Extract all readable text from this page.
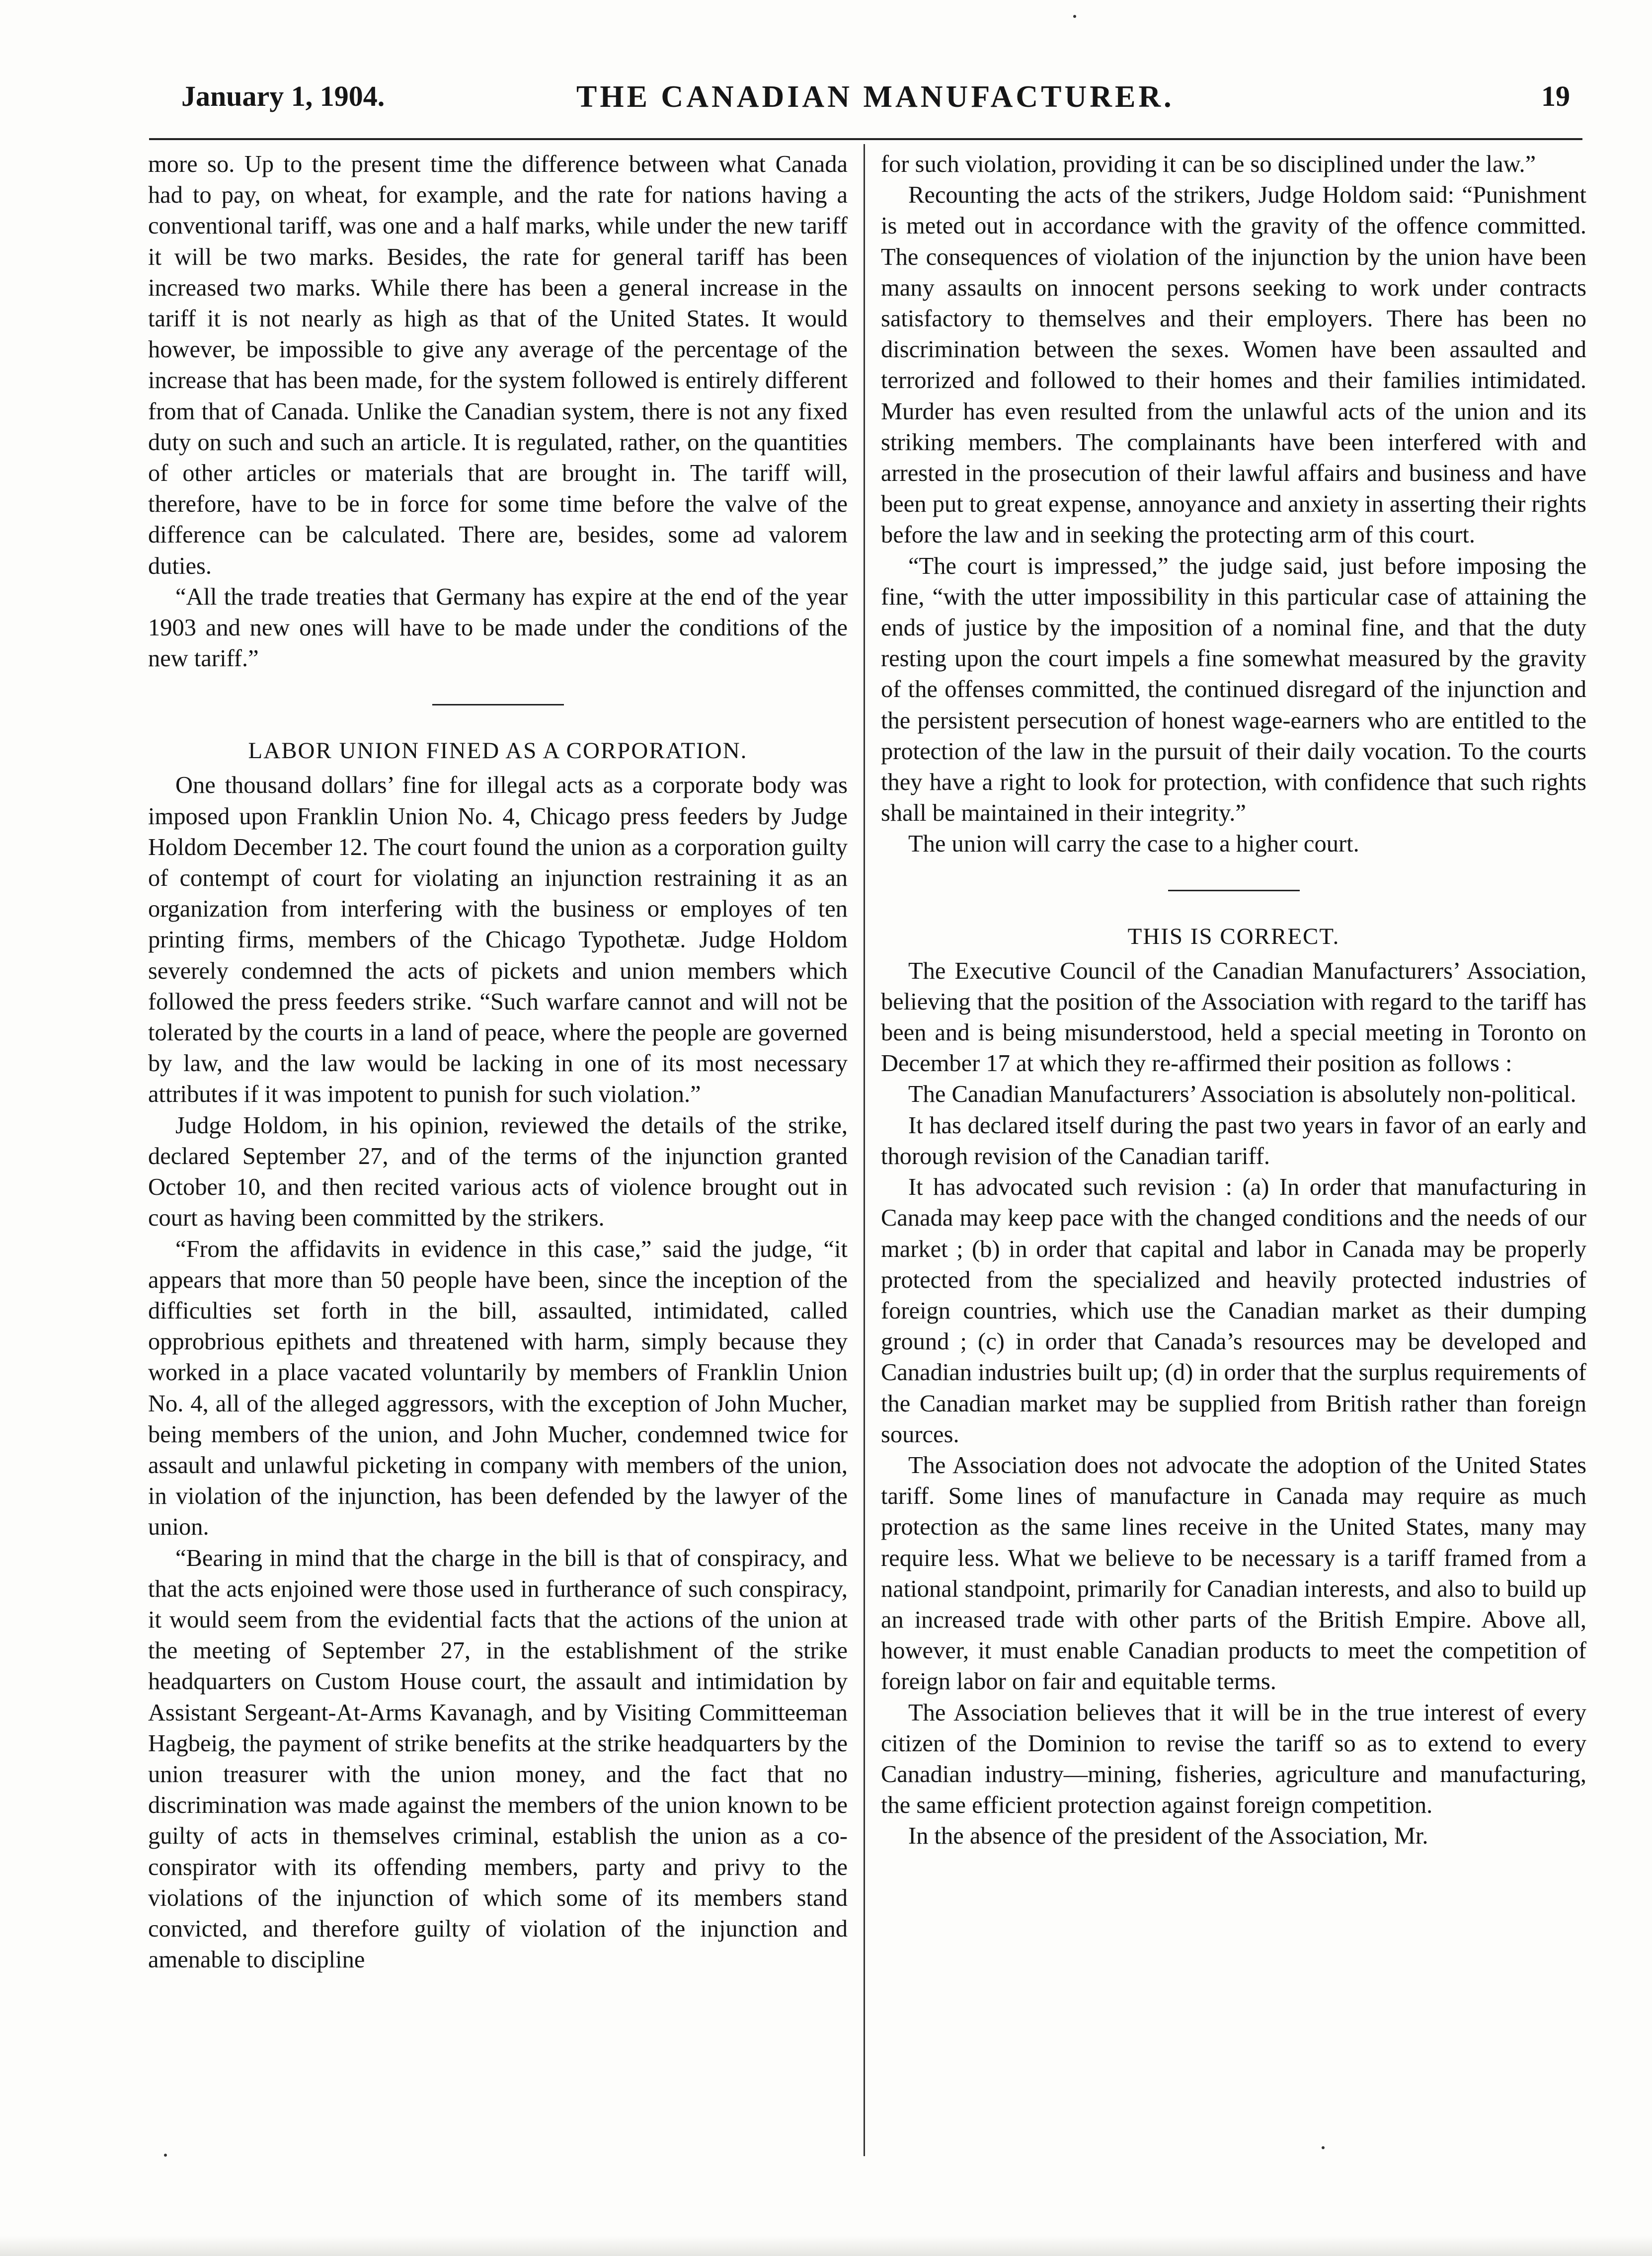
January 1, 1904.	THE CANADIAN MANUFACTURER.	19

more so. Up to the present time the difference between what Canada had to pay, on wheat, for example, and the rate for nations having a conventional tariff, was one and a half marks, while under the new tariff it will be two marks. Besides, the rate for general tariff has been increased two marks. While there has been a general increase in the tariff it is not nearly as high as that of the United States. It would however, be impossible to give any average of the percentage of the increase that has been made, for the system followed is entirely different from that of Canada. Unlike the Canadian system, there is not any fixed duty on such and such an article. It is regulated, rather, on the quantities of other articles or materials that are brought in. The tariff will, therefore, have to be in force for some time before the valve of the difference can be calculated. There are, besides, some ad valorem duties.

“All the trade treaties that Germany has expire at the end of the year 1903 and new ones will have to be made under the conditions of the new tariff.”

LABOR UNION FINED AS A CORPORATION.

One thousand dollars’ fine for illegal acts as a corporate body was imposed upon Franklin Union No. 4, Chicago press feeders by Judge Holdom December 12. The court found the union as a corporation guilty of contempt of court for violating an injunction restraining it as an organization from interfering with the business or employes of ten printing firms, members of the Chicago Typothetæ. Judge Holdom severely condemned the acts of pickets and union members which followed the press feeders strike. “Such warfare cannot and will not be tolerated by the courts in a land of peace, where the people are governed by law, and the law would be lacking in one of its most necessary attributes if it was impotent to punish for such violation.”

Judge Holdom, in his opinion, reviewed the details of the strike, declared September 27, and of the terms of the injunction granted October 10, and then recited various acts of violence brought out in court as having been committed by the strikers.

“From the affidavits in evidence in this case,” said the judge, “it appears that more than 50 people have been, since the inception of the difficulties set forth in the bill, assaulted, intimidated, called opprobrious epithets and threatened with harm, simply because they worked in a place vacated voluntarily by members of Franklin Union No. 4, all of the alleged aggressors, with the exception of John Mucher, being members of the union, and John Mucher, condemned twice for assault and unlawful picketing in company with members of the union, in violation of the injunction, has been defended by the lawyer of the union.

“Bearing in mind that the charge in the bill is that of conspiracy, and that the acts enjoined were those used in furtherance of such conspiracy, it would seem from the evidential facts that the actions of the union at the meeting of September 27, in the establishment of the strike headquarters on Custom House court, the assault and intimidation by Assistant Sergeant-At-Arms Kavanagh, and by Visiting Committeeman Hagbeig, the payment of strike benefits at the strike headquarters by the union treasurer with the union money, and the fact that no discrimination was made against the members of the union known to be guilty of acts in themselves criminal, establish the union as a co-conspirator with its offending members, party and privy to the violations of the injunction of which some of its members stand convicted, and therefore guilty of violation of the injunction and amenable to discipline

for such violation, providing it can be so disciplined under the law.”

Recounting the acts of the strikers, Judge Holdom said: “Punishment is meted out in accordance with the gravity of the offence committed. The consequences of violation of the injunction by the union have been many assaults on innocent persons seeking to work under contracts satisfactory to themselves and their employers. There has been no discrimination between the sexes. Women have been assaulted and terrorized and followed to their homes and their families intimidated. Murder has even resulted from the unlawful acts of the union and its striking members. The complainants have been interfered with and arrested in the prosecution of their lawful affairs and business and have been put to great expense, annoyance and anxiety in asserting their rights before the law and in seeking the protecting arm of this court.

“The court is impressed,” the judge said, just before imposing the fine, “with the utter impossibility in this particular case of attaining the ends of justice by the imposition of a nominal fine, and that the duty resting upon the court impels a fine somewhat measured by the gravity of the offenses committed, the continued disregard of the injunction and the persistent persecution of honest wage-earners who are entitled to the protection of the law in the pursuit of their daily vocation. To the courts they have a right to look for protection, with confidence that such rights shall be maintained in their integrity.”

The union will carry the case to a higher court.

THIS IS CORRECT.

The Executive Council of the Canadian Manufacturers’ Association, believing that the position of the Association with regard to the tariff has been and is being misunderstood, held a special meeting in Toronto on December 17 at which they re-affirmed their position as follows :

The Canadian Manufacturers’ Association is absolutely non-political.

It has declared itself during the past two years in favor of an early and thorough revision of the Canadian tariff.

It has advocated such revision : (a) In order that manufacturing in Canada may keep pace with the changed conditions and the needs of our market ; (b) in order that capital and labor in Canada may be properly protected from the specialized and heavily protected industries of foreign countries, which use the Canadian market as their dumping ground ; (c) in order that Canada’s resources may be developed and Canadian industries built up; (d) in order that the surplus requirements of the Canadian market may be supplied from British rather than foreign sources.

The Association does not advocate the adoption of the United States tariff. Some lines of manufacture in Canada may require as much protection as the same lines receive in the United States, many may require less. What we believe to be necessary is a tariff framed from a national standpoint, primarily for Canadian interests, and also to build up an increased trade with other parts of the British Empire. Above all, however, it must enable Canadian products to meet the competition of foreign labor on fair and equitable terms.

The Association believes that it will be in the true interest of every citizen of the Dominion to revise the tariff so as to extend to every Canadian industry—mining, fisheries, agriculture and manufacturing, the same efficient protection against foreign competition.

In the absence of the president of the Association, Mr.
